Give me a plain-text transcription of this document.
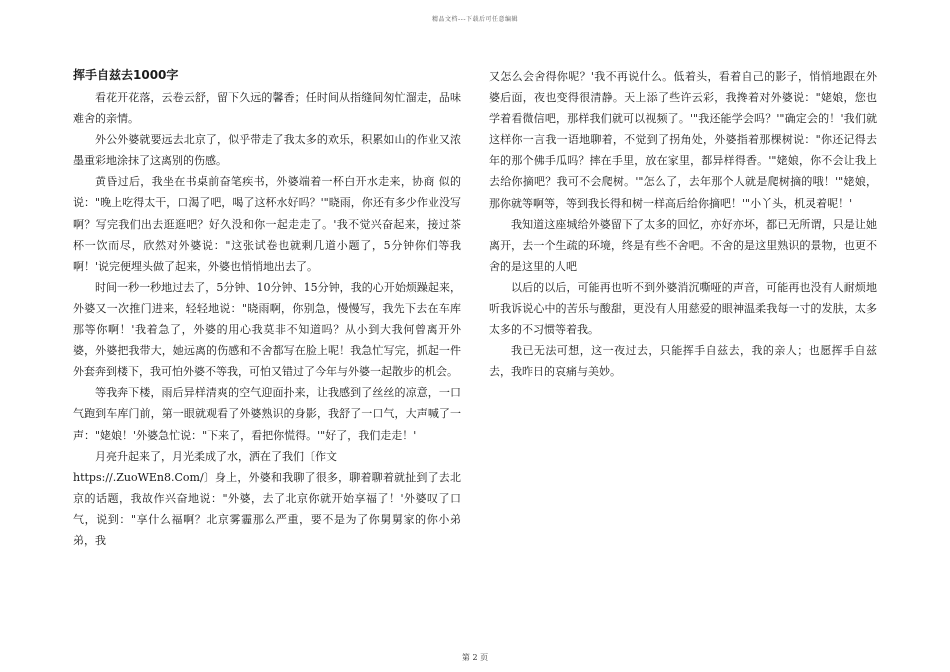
精品文档---下载后可任意编辑
挥手自兹去1000字

看花开花落，云卷云舒，留下久远的馨香；任时间从指缝间匆忙溜走，品味难舍的亲情。

外公外婆就要远去北京了，似乎带走了我太多的欢乐，积累如山的作业又浓墨重彩地涂抹了这离别的伤感。

黄昏过后，我坐在书桌前奋笔疾书，外婆端着一杯白开水走来，协商 似的说："晚上吃得太干，口渴了吧，喝了这杯水好吗？'"晓雨，你还有多少作业没写啊？写完我们出去逛逛吧？好久没和你一起走走了。'我不觉兴奋起来，接过茶杯一饮而尽，欣然对外婆说："这张试卷也就剩几道小题了，5分钟你们等我啊！'说完便埋头做了起来，外婆也悄悄地出去了。

时间一秒一秒地过去了，5分钟、10分钟、15分钟，我的心开始烦躁起来，外婆又一次推门进来，轻轻地说："晓雨啊，你别急，慢慢写，我先下去在车库那等你啊！'我着急了，外婆的用心我莫非不知道吗？从小到大我何曾离开外婆，外婆把我带大，她远离的伤感和不舍都写在脸上呢！我急忙写完，抓起一件外套奔到楼下，我可怕外婆不等我，可怕又错过了今年与外婆一起散步的机会。

等我奔下楼，雨后异样清爽的空气迎面扑来，让我感到了丝丝的凉意，一口气跑到车库门前，第一眼就观看了外婆熟识的身影，我舒了一口气，大声喊了一声："姥娘！'外婆急忙说："下来了，看把你慌得。'"好了，我们走走！'

月亮升起来了，月光柔成了水，洒在了我们〔作文

https://.ZuoWEn8.Com/〕身上，外婆和我聊了很多，聊着聊着就扯到了去北京的话题，我故作兴奋地说："外婆，去了北京你就开始享福了！'外婆叹了口气，说到："享什么福啊？北京雾霾那么严重，要不是为了你舅舅家的你小弟弟，我

又怎么会舍得你呢？'我不再说什么。低着头，看着自己的影子，悄悄地跟在外婆后面，夜也变得很清静。天上添了些许云彩，我搀着对外婆说："姥娘，您也学着看微信吧，那样我们就可以视频了。'"我还能学会吗？'"确定会的！'我们就这样你一言我一语地聊着，不觉到了拐角处，外婆指着那棵树说："你还记得去年的那个佛手瓜吗？摔在手里，放在家里，都异样得香。'"姥娘，你不会让我上去给你摘吧？我可不会爬树。'"怎么了，去年那个人就是爬树摘的哦！'"姥娘，那你就等啊等，等到我长得和树一样高后给你摘吧！'"小丫头，机灵着呢！'

我知道这座城给外婆留下了太多的回忆，亦好亦坏，都已无所谓，只是让她离开，去一个生疏的环境，终是有些不舍吧。不舍的是这里熟识的景物，也更不舍的是这里的人吧

以后的以后，可能再也听不到外婆消沉嘶哑的声音，可能再也没有人耐烦地听我诉说心中的苦乐与酸甜，更没有人用慈爱的眼神温柔我每一寸的发肤，太多太多的不习惯等着我。

我已无法可想，这一夜过去，只能挥手自兹去，我的亲人；也愿挥手自兹去，我昨日的哀痛与美妙。

第 2 页
